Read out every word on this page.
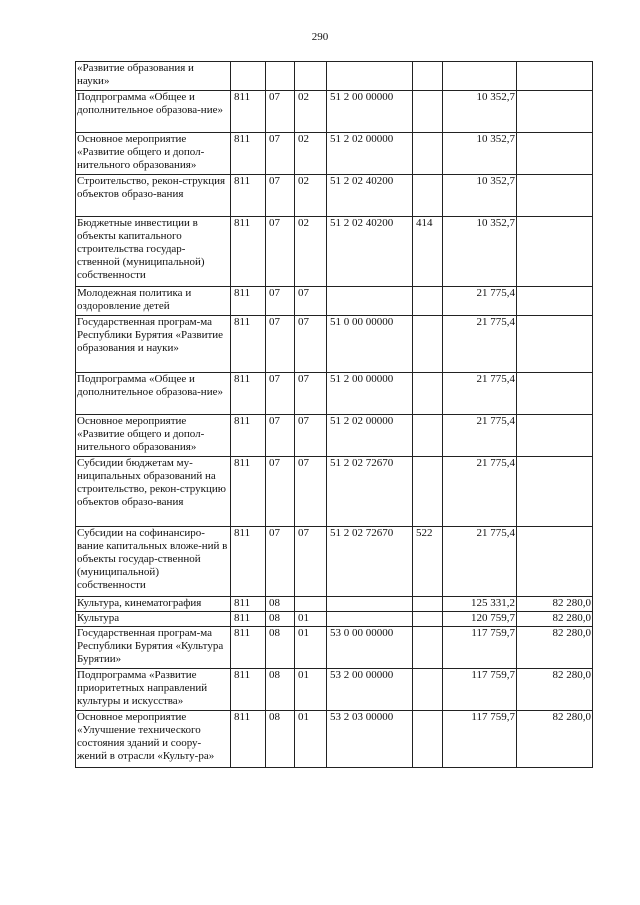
290
«Развитие образования и науки»							
Подпрограмма «Общее и дополнительное образова-ние»	811	07	02	51 2 00 00000		10 352,7	
Основное мероприятие «Развитие общего и допол-нительного образования»	811	07	02	51 2 02 00000		10 352,7	
Строительство, рекон-струкция объектов образо-вания	811	07	02	51 2 02 40200		10 352,7	
Бюджетные инвестиции в объекты капитального строительства государ-ственной (муниципальной) собственности	811	07	02	51 2 02 40200	414	10 352,7	
Молодежная политика и оздоровление детей	811	07	07			21 775,4	
Государственная програм-ма Республики Бурятия «Развитие образования и науки»	811	07	07	51 0 00 00000		21 775,4	
Подпрограмма «Общее и дополнительное образова-ние»	811	07	07	51 2 00 00000		21 775,4	
Основное мероприятие «Развитие общего и допол-нительного образования»	811	07	07	51 2 02 00000		21 775,4	
Субсидии бюджетам му-ниципальных образований на строительство, рекон-струкцию объектов образо-вания	811	07	07	51 2 02 72670		21 775,4	
Субсидии на софинансиро-вание капитальных вложе-ний в объекты государ-ственной (муниципальной) собственности	811	07	07	51 2 02 72670	522	21 775,4	
Культура, кинематография	811	08				125 331,2	82 280,0
Культура	811	08	01			120 759,7	82 280,0
Государственная програм-ма Республики Бурятия «Культура Бурятии»	811	08	01	53 0 00 00000		117 759,7	82 280,0
Подпрограмма «Развитие приоритетных направлений культуры и искусства»	811	08	01	53 2 00 00000		117 759,7	82 280,0
Основное мероприятие «Улучшение технического состояния зданий и соору-жений в отрасли «Культу-ра»	811	08	01	53 2 03 00000		117 759,7	82 280,0
